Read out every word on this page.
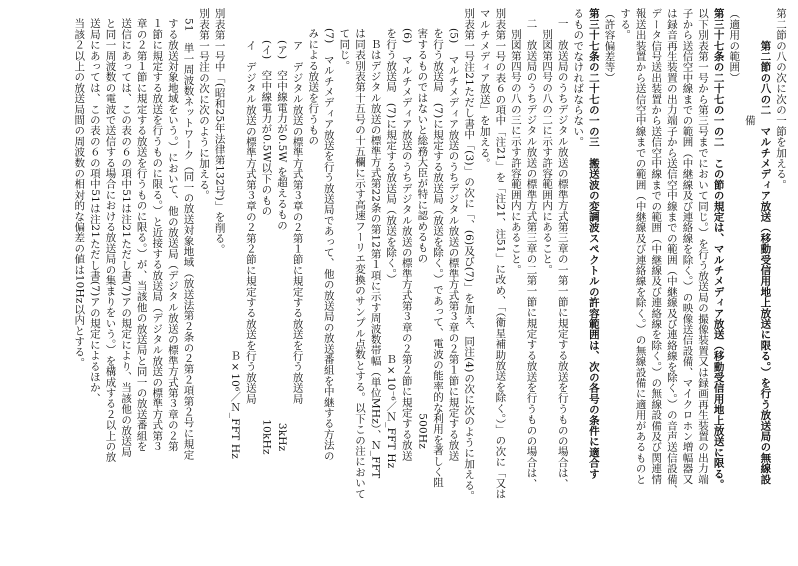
第二節の八の次に次の一節を加える。
　　　第二節の八の二　マルチメディア放送（移動受信用地上放送に限る。）を行う放送局の無線設
　　　　　　　　　　備
（適用の範囲）
第三十七条の二十七の一の二　この節の規定は、マルチメディア放送（移動受信用地上放送に限る。
以下別表第一号から第三号までにおいて同じ。）を行う放送局の撮像装置又は録画再生装置の出力端
子から送信空中線までの範囲（中継線及び連絡線を除く。）の映像送信設備、マイクロホン増幅器又
は録音再生装置の出力端子から送信空中線までの範囲（中継線及び連絡線を除く。）の音声送信設備、
データ信号送出装置から送信空中線までの範囲（中継線及び連絡線を除く。）の無線設備及び関連情
報送出装置から送信空中線までの範囲（中継線及び連絡線を除く。）の無線設備に適用があるものと
する。
（許容偏差等）
第三十七条の二十七の一の三　搬送波の変調波スペクトルの許容範囲は、次の各号の条件に適合す
るものでなければならない。
一　放送局のうちデジタル放送の標準方式第三章の一第一節に規定する放送を行うものの場合は、
　別図第四号の八の二に示す許容範囲内にあること。
二　放送局のうちデジタル放送の標準方式第三章の二第一節に規定する放送を行うものの場合は、
　別図第四号の八の三に示す許容範囲内にあること。
別表第一号の表６の項中「注21」を「注21、注51」に改め、「（衛星補助放送を除く。）」の次に「又は
マルチメディア放送」を加える。
別表第一号注21ただし書中「(3)」の次に「、(6)及び(7)」を加え、同注(4)の次に次のように加える。
(5)　マルチメディア放送のうちデジタル放送の標準方式第３章の２第１節に規定する放送
を行う放送局　(7)に規定する放送局（放送を除く。）であって、電波の能率的な利用を著しく阻
害するものではないと総務大臣が特に認めるもの　　　　　　　　　　　　　　500Hz
(6)　マルチメディア放送のうちデジタル放送の標準方式第３章の２第２節に規定する放送
を行う放送局　(7)に規定する放送局（放送を除く。）　　　　　　　Ｂ×10⁻⁶／Ｎ_FFT Hz
　Ｂはデジタル放送の標準方式第22条の第12第１項に示す周波数帯幅（単位MHz）、Ｎ_FFT
は同表別表第十五号の十五欄に示す高速フーリエ変換のサンプル点数とする。以下この注において
て同じ。
(7)　マルチメディア放送を行う放送局であって、他の放送局の放送番組を中継する方法の
みによる放送を行うもの
ア　デジタル放送の標準方式第３章の２第１節に規定する放送を行う放送局
(ア)　空中線電力が0.5W を超えるもの　　　　　　　　　　　　　　　　　　3kHz
(イ)　空中線電力が0.5W以下のもの　　　　　　　　　　　　　　　　　　　10kHz
イ　デジタル放送の標準方式第３章の２第２節に規定する放送を行う放送局
　　　　　　　　　　　　　　　　　　　　　　　　　　　　　Ｂ×10⁶／Ｎ_FFT Hz
別表第一号中「(昭和25年法律第132号)」を削る。
別表第一号注の次に次のように加える。
51　単一周波数ネットワーク（同一の放送対象地域（放送法第２条の２第２項第２号に規定
する放送対象地域をいう。）において、他の放送局（デジタル放送の標準方式第３章の２第
１節に規定する放送を行うものに限る。）と近接する放送局（デジタル放送の標準方式第３
章の２第１節に規定する放送を行うものに限る。）が、当該他の放送局と同一の放送番組を
送信にあっては、この表の６の項中51は注21ただし書(7)アの規定により、当該他の放送局
と同一周波数の電波で送信する場合における放送局の集まりをいう。）を構成する２以上の放
送局にあっては、この表の６の項中51は注21ただし書(7)アの規定によるほか、
当該２以上の放送局間の周波数の相対的な偏差の値は10Hz以内とする。
